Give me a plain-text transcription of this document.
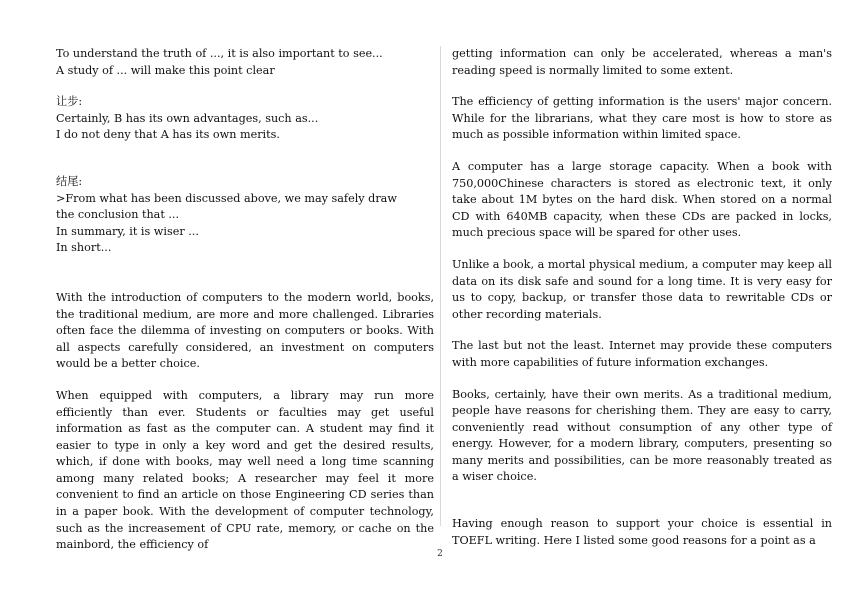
To understand the truth of ..., it is also important to see...
A study of ... will make this point clear
让步:
Certainly, B has its own advantages, such as...
I do not deny that A has its own merits.
结尾:
>From what has been discussed above, we may safely draw
the conclusion that ...
In summary, it is wiser ...
In short...

With the introduction of computers to the modern world, books, the traditional medium, are more and more challenged. Libraries often face the dilemma of investing on computers or books. With all aspects carefully considered, an investment on computers would be a better choice.

When equipped with computers, a library may run more efficiently than ever. Students or faculties may get useful information as fast as the computer can. A student may find it easier to type in only a key word and get the desired results, which, if done with books, may well need a long time scanning among many related books; A researcher may feel it more convenient to find an article on those Engineering CD series than in a paper book. With the development of computer technology, such as the increasement of CPU rate, memory, or cache on the mainbord, the efficiency of

getting information can only be accelerated, whereas a man's reading speed is normally limited to some extent.

The efficiency of getting information is the users' major concern. While for the librarians, what they care most is how to store as much as possible information within limited space.

A computer has a large storage capacity. When a book with 750,000Chinese characters is stored as electronic text, it only take about 1M bytes on the hard disk. When stored on a normal CD with 640MB capacity, when these CDs are packed in locks, much precious space will be spared for other uses.

Unlike a book, a mortal physical medium, a computer may keep all data on its disk safe and sound for a long time. It is very easy for us to copy, backup, or transfer those data to rewritable CDs or other recording materials.

The last but not the least. Internet may provide these computers with more capabilities of future information exchanges.

Books, certainly, have their own merits. As a traditional medium, people have reasons for cherishing them. They are easy to carry, conveniently read without consumption of any other type of energy. However, for a modern library, computers, presenting so many merits and possibilities, can be more reasonably treated as a wiser choice.

Having enough reason to support your choice is essential in TOEFL writing. Here I listed some good reasons for a point as a

2
